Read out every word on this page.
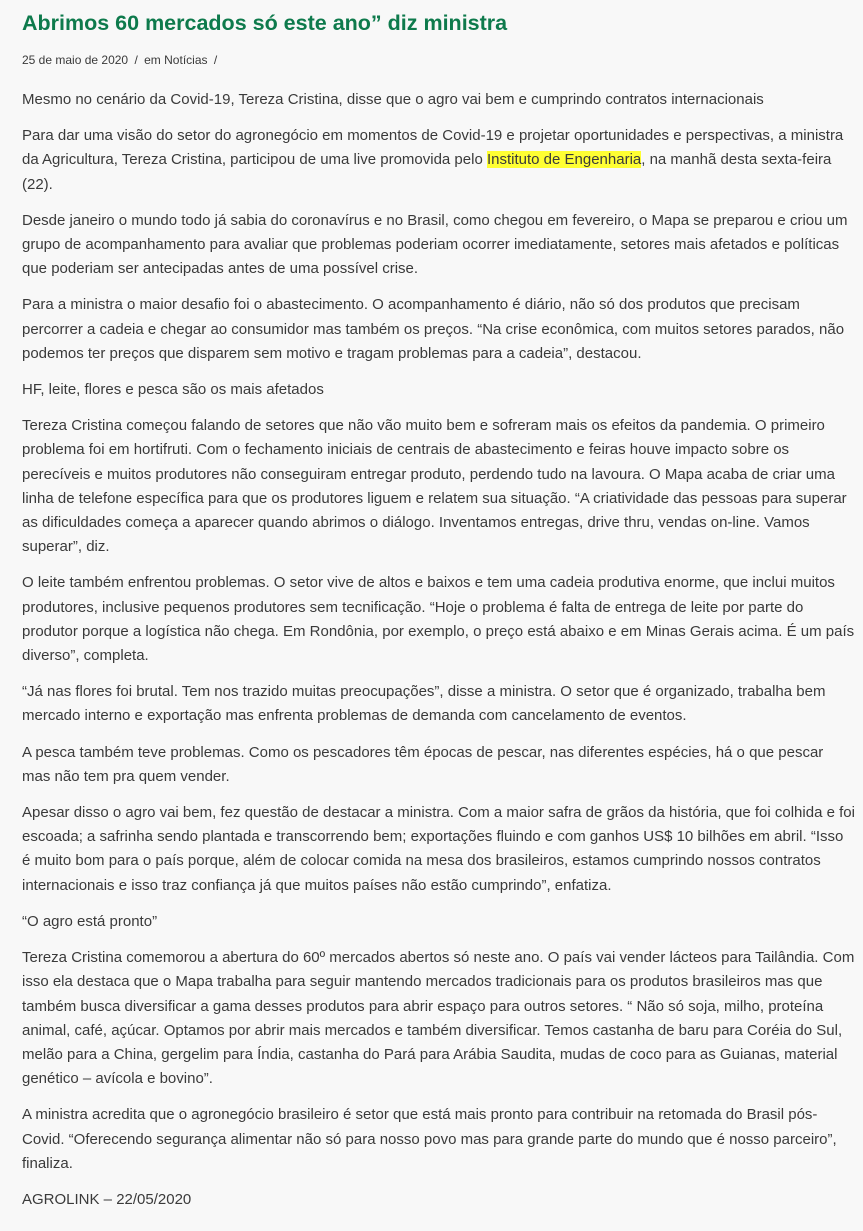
Abrimos 60 mercados só este ano” diz ministra
25 de maio de 2020 / em Notícias /

Mesmo no cenário da Covid-19, Tereza Cristina, disse que o agro vai bem e cumprindo contratos internacionais

Para dar uma visão do setor do agronegócio em momentos de Covid-19 e projetar oportunidades e perspectivas, a ministra da Agricultura, Tereza Cristina, participou de uma live promovida pelo Instituto de Engenharia, na manhã desta sexta-feira (22).

Desde janeiro o mundo todo já sabia do coronavírus e no Brasil, como chegou em fevereiro, o Mapa se preparou e criou um grupo de acompanhamento para avaliar que problemas poderiam ocorrer imediatamente, setores mais afetados e políticas que poderiam ser antecipadas antes de uma possível crise.

Para a ministra o maior desafio foi o abastecimento. O acompanhamento é diário, não só dos produtos que precisam percorrer a cadeia e chegar ao consumidor mas também os preços. “Na crise econômica, com muitos setores parados, não podemos ter preços que disparem sem motivo e tragam problemas para a cadeia”, destacou.

HF, leite, flores e pesca são os mais afetados

Tereza Cristina começou falando de setores que não vão muito bem e sofreram mais os efeitos da pandemia. O primeiro problema foi em hortifruti. Com o fechamento iniciais de centrais de abastecimento e feiras houve impacto sobre os perecíveis e muitos produtores não conseguiram entregar produto, perdendo tudo na lavoura. O Mapa acaba de criar uma linha de telefone específica para que os produtores liguem e relatem sua situação. “A criatividade das pessoas para superar as dificuldades começa a aparecer quando abrimos o diálogo. Inventamos entregas, drive thru, vendas on-line. Vamos superar”, diz.

O leite também enfrentou problemas. O setor vive de altos e baixos e tem uma cadeia produtiva enorme, que inclui muitos produtores, inclusive pequenos produtores sem tecnificação. “Hoje o problema é falta de entrega de leite por parte do produtor porque a logística não chega. Em Rondônia, por exemplo, o preço está abaixo e em Minas Gerais acima. É um país diverso”, completa.

“Já nas flores foi brutal. Tem nos trazido muitas preocupações”, disse a ministra. O setor que é organizado, trabalha bem mercado interno e exportação mas enfrenta problemas de demanda com cancelamento de eventos.

A pesca também teve problemas. Como os pescadores têm épocas de pescar, nas diferentes espécies, há o que pescar mas não tem pra quem vender.

Apesar disso o agro vai bem, fez questão de destacar a ministra. Com a maior safra de grãos da história, que foi colhida e foi escoada; a safrinha sendo plantada e transcorrendo bem; exportações fluindo e com ganhos US$ 10 bilhões em abril. “Isso é muito bom para o país porque, além de colocar comida na mesa dos brasileiros, estamos cumprindo nossos contratos internacionais e isso traz confiança já que muitos países não estão cumprindo”, enfatiza.

“O agro está pronto”

Tereza Cristina comemorou a abertura do 60º mercados abertos só neste ano. O país vai vender lácteos para Tailândia. Com isso ela destaca que o Mapa trabalha para seguir mantendo mercados tradicionais para os produtos brasileiros mas que também busca diversificar a gama desses produtos para abrir espaço para outros setores. “ Não só soja, milho, proteína animal, café, açúcar. Optamos por abrir mais mercados e também diversificar. Temos castanha de baru para Coréia do Sul, melão para a China, gergelim para Índia, castanha do Pará para Arábia Saudita, mudas de coco para as Guianas, material genético – avícola e bovino”.

A ministra acredita que o agronegócio brasileiro é setor que está mais pronto para contribuir na retomada do Brasil pós-Covid. “Oferecendo segurança alimentar não só para nosso povo mas para grande parte do mundo que é nosso parceiro”, finaliza.

AGROLINK – 22/05/2020
